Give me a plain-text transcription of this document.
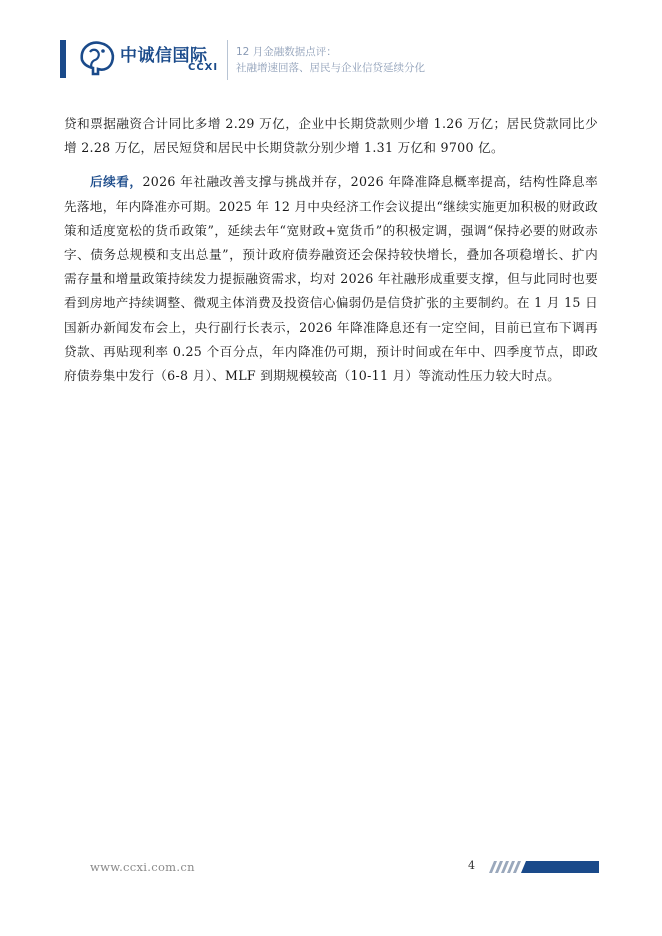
中诚信国际
CCXI
12 月金融数据点评：
社融增速回落、居民与企业信贷延续分化

贷和票据融资合计同比多增 2.29 万亿，企业中长期贷款则少增 1.26 万亿；居民贷款同比少增 2.28 万亿，居民短贷和居民中长期贷款分别少增 1.31 万亿和 9700 亿。

后续看，2026 年社融改善支撑与挑战并存，2026 年降准降息概率提高，结构性降息率先落地，年内降准亦可期。2025 年 12 月中央经济工作会议提出“继续实施更加积极的财政政策和适度宽松的货币政策”，延续去年“宽财政+宽货币”的积极定调，强调“保持必要的财政赤字、债务总规模和支出总量”，预计政府债券融资还会保持较快增长，叠加各项稳增长、扩内需存量和增量政策持续发力提振融资需求，均对 2026 年社融形成重要支撑，但与此同时也要看到房地产持续调整、微观主体消费及投资信心偏弱仍是信贷扩张的主要制约。在 1 月 15 日国新办新闻发布会上，央行副行长表示，2026 年降准降息还有一定空间，目前已宣布下调再贷款、再贴现利率 0.25 个百分点，年内降准仍可期，预计时间或在年中、四季度节点，即政府债券集中发行（6-8 月）、MLF 到期规模较高（10-11 月）等流动性压力较大时点。

www.ccxi.com.cn	4
